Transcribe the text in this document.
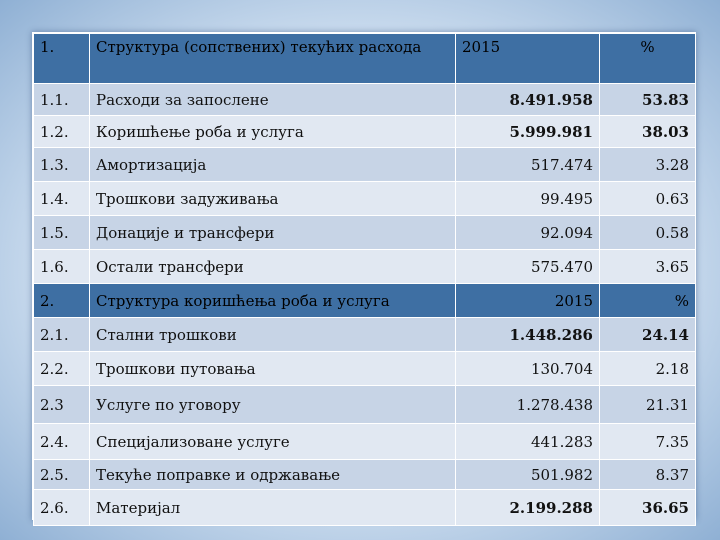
1.	Структура (сопствених) текућих расхода	2015	%
1.1.	Расходи за запослене	8.491.958	53.83
1.2.	Коришћење роба и услуга	5.999.981	38.03
1.3.	Амортизација	517.474	3.28
1.4.	Трошкови задуживања	99.495	0.63
1.5.	Донације и трансфери	92.094	0.58
1.6.	Остали трансфери	575.470	3.65
2.	Структура коришћења роба и услуга	2015	%
2.1.	Стални трошкови	1.448.286	24.14
2.2.	Трошкови путовања	130.704	2.18
2.3	Услуге по уговору	1.278.438	21.31
2.4.	Специјализоване услуге	441.283	7.35
2.5.	Текуће поправке и одржавање	501.982	8.37
2.6.	Материјал	2.199.288	36.65
